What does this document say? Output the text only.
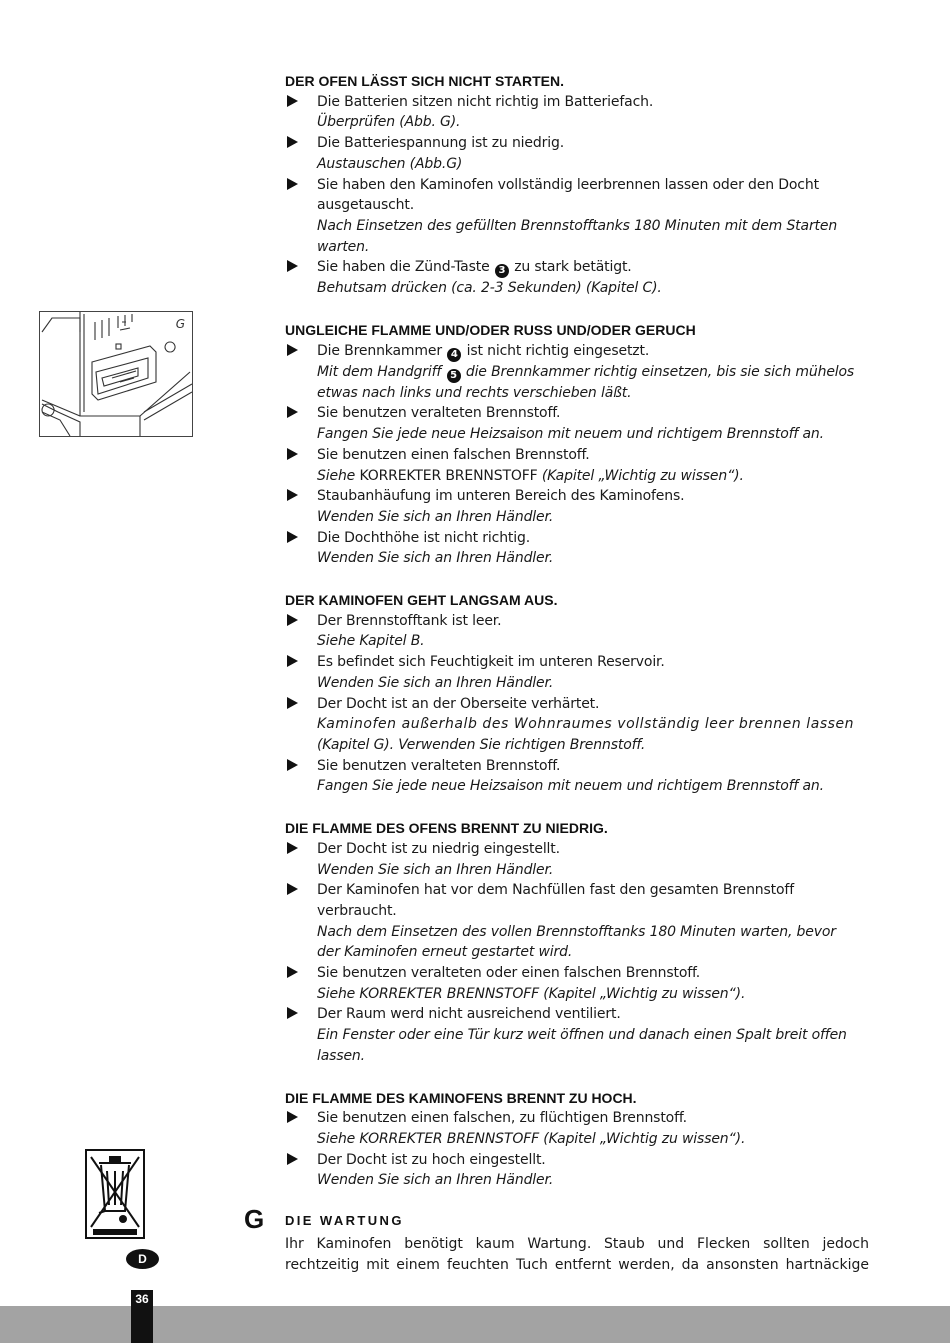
DER OFEN LÄSST SICH NICHT STARTEN.
Die Batterien sitzen nicht richtig im Batteriefach.
Überprüfen (Abb. G).
Die Batteriespannung ist zu niedrig.
Austauschen (Abb.G)
Sie haben den Kaminofen vollständig leerbrennen lassen oder den Docht
ausgetauscht.
Nach Einsetzen des gefüllten Brennstofftanks 180 Minuten mit dem Starten
warten.
Sie haben die Zünd-Taste 3 zu stark betätigt.
Behutsam drücken (ca. 2-3 Sekunden) (Kapitel C).
UNGLEICHE FLAMME UND/ODER RUSS UND/ODER GERUCH
Die Brennkammer 4 ist nicht richtig eingesetzt.
Mit dem Handgriff 5 die Brennkammer richtig einsetzen, bis sie sich mühelos
etwas nach links und rechts verschieben läßt.
Sie benutzen veralteten Brennstoff.
Fangen Sie jede neue Heizsaison mit neuem und richtigem Brennstoff an.
Sie benutzen einen falschen Brennstoff.
Siehe KORREKTER BRENNSTOFF (Kapitel „Wichtig zu wissen“).
Staubanhäufung im unteren Bereich des Kaminofens.
Wenden Sie sich an Ihren Händler.
Die Dochthöhe ist nicht richtig.
Wenden Sie sich an Ihren Händler.
DER KAMINOFEN GEHT LANGSAM AUS.
Der Brennstofftank ist leer.
Siehe Kapitel B.
Es befindet sich Feuchtigkeit im unteren Reservoir.
Wenden Sie sich an Ihren Händler.
Der Docht ist an der Oberseite verhärtet.
Kaminofen außerhalb des Wohnraumes vollständig leer brennen lassen
(Kapitel G). Verwenden Sie richtigen Brennstoff.
Sie benutzen veralteten Brennstoff.
Fangen Sie jede neue Heizsaison mit neuem und richtigem Brennstoff an.
DIE FLAMME DES OFENS BRENNT ZU NIEDRIG.
Der Docht ist zu niedrig eingestellt.
Wenden Sie sich an Ihren Händler.
Der Kaminofen hat vor dem Nachfüllen fast den gesamten Brennstoff
verbraucht.
Nach dem Einsetzen des vollen Brennstofftanks 180 Minuten warten, bevor
der Kaminofen erneut gestartet wird.
Sie benutzen veralteten oder einen falschen Brennstoff.
Siehe KORREKTER BRENNSTOFF (Kapitel „Wichtig zu wissen“).
Der Raum werd nicht ausreichend ventiliert.
Ein Fenster oder eine Tür kurz weit öffnen und danach einen Spalt breit offen
lassen.
DIE FLAMME DES KAMINOFENS BRENNT ZU HOCH.
Sie benutzen einen falschen, zu flüchtigen Brennstoff.
Siehe KORREKTER BRENNSTOFF (Kapitel „Wichtig zu wissen“).
Der Docht ist zu hoch eingestellt.
Wenden Sie sich an Ihren Händler.
G DIE WARTUNG
Ihr Kaminofen benötigt kaum Wartung. Staub und Flecken sollten jedoch rechtzeitig mit einem feuchten Tuch entfernt werden, da ansonsten hartnäckige
G
D
36
